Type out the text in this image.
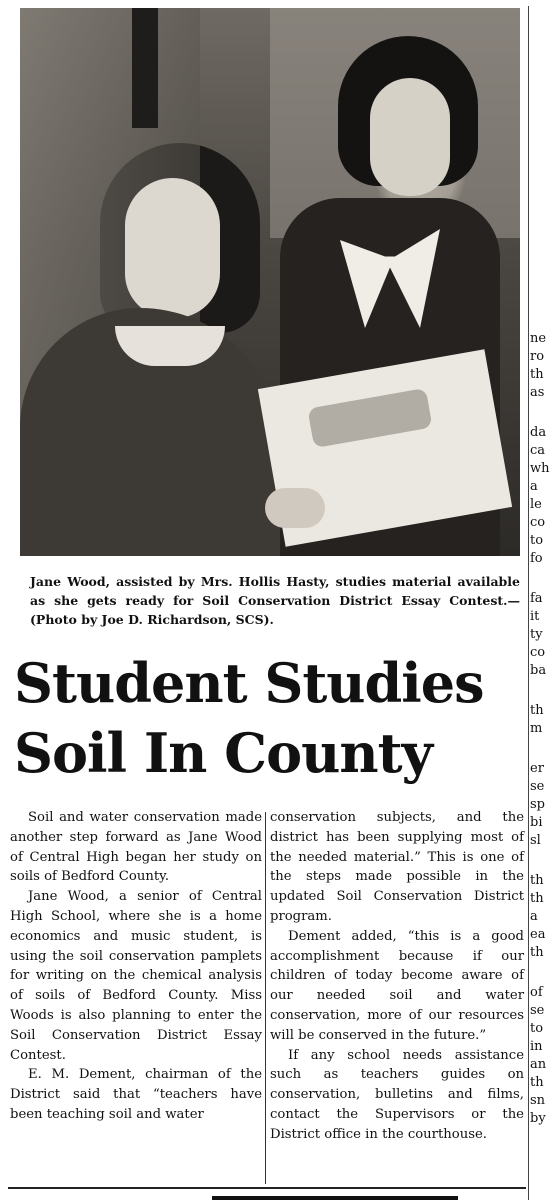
Jane Wood, assisted by Mrs. Hollis Hasty, studies material available as she gets ready for Soil Conservation District Essay Contest.—(Photo by Joe D. Richardson, SCS).

Student Studies
Soil In County

Soil and water conservation made another step forward as Jane Wood of Central High began her study on soils of Bedford County.

Jane Wood, a senior of Central High School, where she is a home economics and music student, is using the soil conservation pamplets for writing on the chemical analysis of soils of Bedford County. Miss Woods is also planning to enter the Soil Conservation District Essay Contest.

E. M. Dement, chairman of the District said that “teachers have been teaching soil and water

conservation subjects, and the district has been supplying most of the needed material.” This is one of the steps made possible in the updated Soil Conservation District program.

Dement added, “this is a good accomplishment because if our children of today become aware of our needed soil and water conservation, more of our resources will be conserved in the future.”

If any school needs assistance such as teachers guides on conservation, bulletins and films, contact the Supervisors or the District office in the courthouse.

ne
ro
th
as
da
ca
wh
a
le
co
to
fo
fa
it
ty
co
ba
th
m
er
se
sp
bi
sl
th
th
a
ea
th
of
se
to
in
an
th
sn
by
